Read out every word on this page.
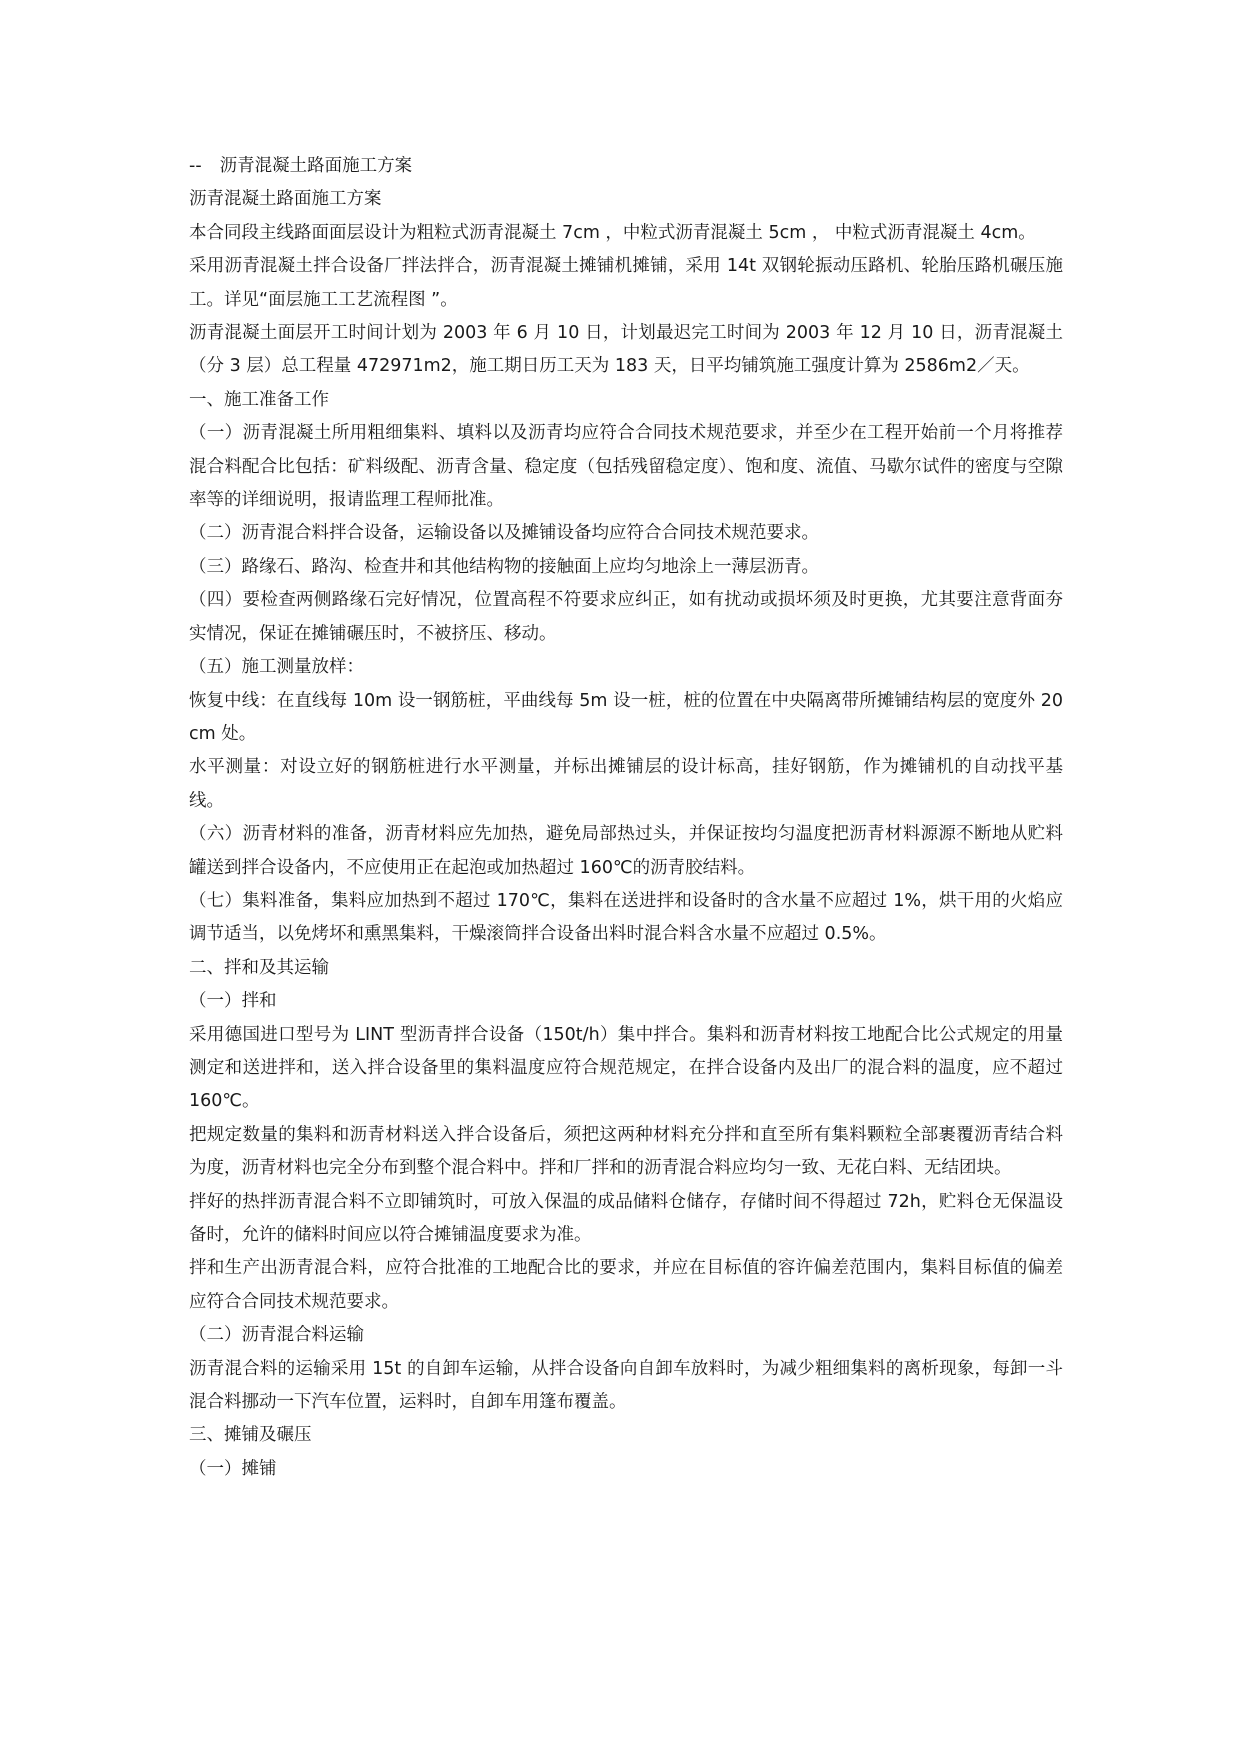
-- 沥青混凝土路面施工方案

沥青混凝土路面施工方案

本合同段主线路面面层设计为粗粒式沥青混凝土 7cm ，中粒式沥青混凝土 5cm ， 中粒式沥青混凝土 4cm。

采用沥青混凝土拌合设备厂拌法拌合，沥青混凝土摊铺机摊铺，采用 14t 双钢轮振动压路机、轮胎压路机碾压施工。详见“面层施工工艺流程图 ”。

沥青混凝土面层开工时间计划为 2003 年 6 月 10 日，计划最迟完工时间为 2003 年 12 月 10 日，沥青混凝土（分 3 层）总工程量 472971m2，施工期日历工天为 183 天，日平均铺筑施工强度计算为 2586m2／天。

一、施工准备工作

（一）沥青混凝土所用粗细集料、填料以及沥青均应符合合同技术规范要求，并至少在工程开始前一个月将推荐混合料配合比包括：矿料级配、沥青含量、稳定度（包括残留稳定度）、饱和度、流值、马歇尔试件的密度与空隙率等的详细说明，报请监理工程师批准。

（二）沥青混合料拌合设备，运输设备以及摊铺设备均应符合合同技术规范要求。

（三）路缘石、路沟、检查井和其他结构物的接触面上应均匀地涂上一薄层沥青。

（四）要检查两侧路缘石完好情况，位置高程不符要求应纠正，如有扰动或损坏须及时更换，尤其要注意背面夯实情况，保证在摊铺碾压时，不被挤压、移动。

（五）施工测量放样：

恢复中线：在直线每 10m 设一钢筋桩，平曲线每 5m 设一桩，桩的位置在中央隔离带所摊铺结构层的宽度外 20cm 处。

水平测量：对设立好的钢筋桩进行水平测量，并标出摊铺层的设计标高，挂好钢筋，作为摊铺机的自动找平基线。

（六）沥青材料的准备，沥青材料应先加热，避免局部热过头，并保证按均匀温度把沥青材料源源不断地从贮料罐送到拌合设备内，不应使用正在起泡或加热超过 160℃的沥青胶结料。

（七）集料准备，集料应加热到不超过 170℃，集料在送进拌和设备时的含水量不应超过 1%，烘干用的火焰应调节适当，以免烤坏和熏黑集料，干燥滚筒拌合设备出料时混合料含水量不应超过 0.5%。

二、拌和及其运输

（一）拌和

采用德国进口型号为 LINT 型沥青拌合设备（150t/h）集中拌合。集料和沥青材料按工地配合比公式规定的用量测定和送进拌和，送入拌合设备里的集料温度应符合规范规定，在拌合设备内及出厂的混合料的温度，应不超过 160℃。

把规定数量的集料和沥青材料送入拌合设备后，须把这两种材料充分拌和直至所有集料颗粒全部裹覆沥青结合料为度，沥青材料也完全分布到整个混合料中。拌和厂拌和的沥青混合料应均匀一致、无花白料、无结团块。

拌好的热拌沥青混合料不立即铺筑时，可放入保温的成品储料仓储存，存储时间不得超过 72h，贮料仓无保温设备时，允许的储料时间应以符合摊铺温度要求为准。

拌和生产出沥青混合料，应符合批准的工地配合比的要求，并应在目标值的容许偏差范围内，集料目标值的偏差应符合合同技术规范要求。

（二）沥青混合料运输

沥青混合料的运输采用 15t 的自卸车运输，从拌合设备向自卸车放料时，为减少粗细集料的离析现象，每卸一斗混合料挪动一下汽车位置，运料时，自卸车用篷布覆盖。

三、摊铺及碾压

（一）摊铺
